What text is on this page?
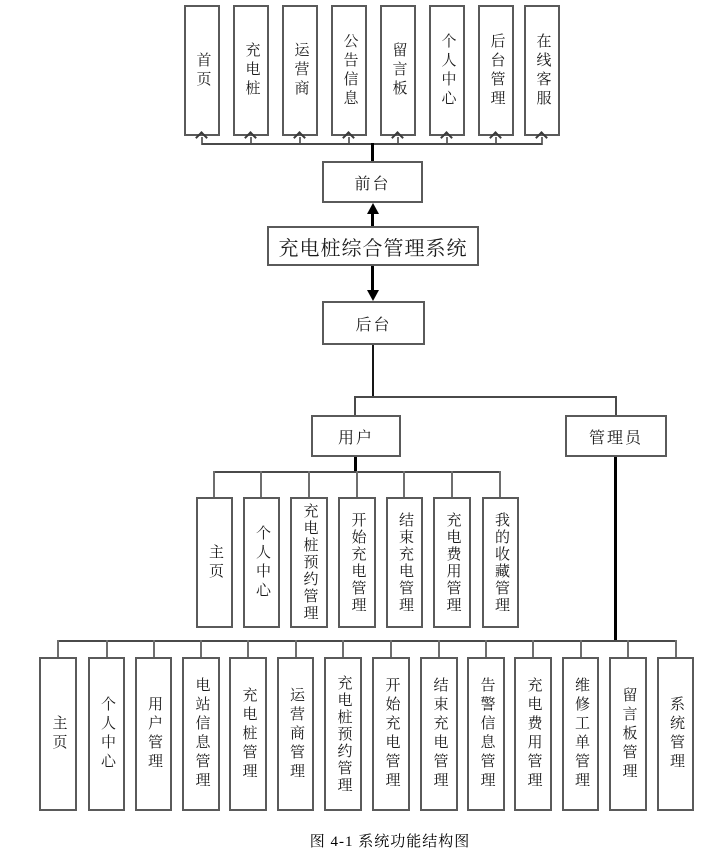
首页 充电桩 运营商 公告信息 留言板 个人中心 后台管理 在线客服
前台
充电桩综合管理系统
后台
用户	管理员
主页 个人中心 充电桩预约管理 开始充电管理 结束充电管理 充电费用管理 我的收藏管理
主页 个人中心 用户管理 电站信息管理 充电桩管理 运营商管理 充电桩预约管理 开始充电管理 结束充电管理 告警信息管理 充电费用管理 维修工单管理 留言板管理 系统管理
图 4-1 系统功能结构图
